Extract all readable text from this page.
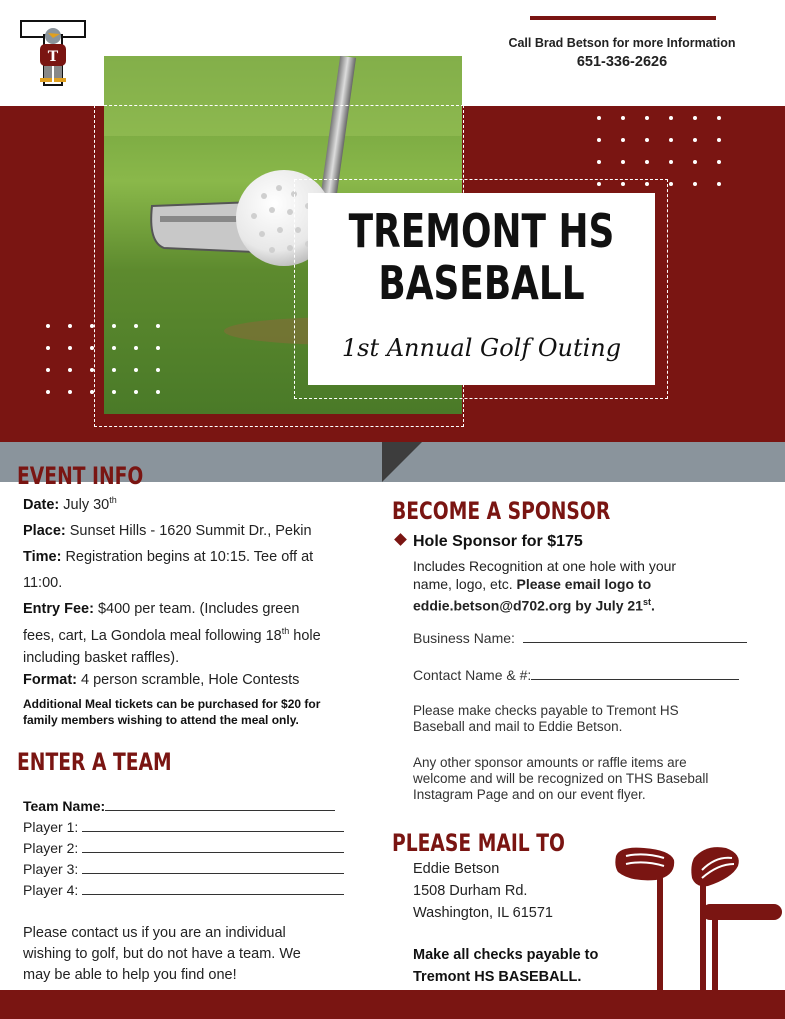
T
Call Brad Betson for more Information
651-336-2626
TREMONT HS
BASEBALL
1st Annual Golf Outing
EVENT INFO
Date: July 30th
Place: Sunset Hills - 1620 Summit Dr., Pekin
Time: Registration begins at 10:15. Tee off at
11:00.
Entry Fee: $400 per team. (Includes green
fees, cart, La Gondola meal following 18th hole
including basket raffles).
Format: 4 person scramble, Hole Contests
Additional Meal tickets can be purchased for $20 for
family members wishing to attend the meal only.
ENTER A TEAM
Team Name:
Player 1:
Player 2:
Player 3:
Player 4:
Please contact us if you are an individual
wishing to golf, but do not have a team. We
may be able to help you find one!
BECOME A SPONSOR
Hole Sponsor for $175
Includes Recognition at one hole with your
name, logo, etc. Please email logo to
eddie.betson@d702.org by July 21st.
Business Name:
Contact Name & #:
Please make checks payable to Tremont HS
Baseball and mail to Eddie Betson.
Any other sponsor amounts or raffle items are
welcome and will be recognized on THS Baseball
Instagram Page and on our event flyer.
PLEASE MAIL TO
Eddie Betson
1508 Durham Rd.
Washington, IL 61571
Make all checks payable to
Tremont HS BASEBALL.
